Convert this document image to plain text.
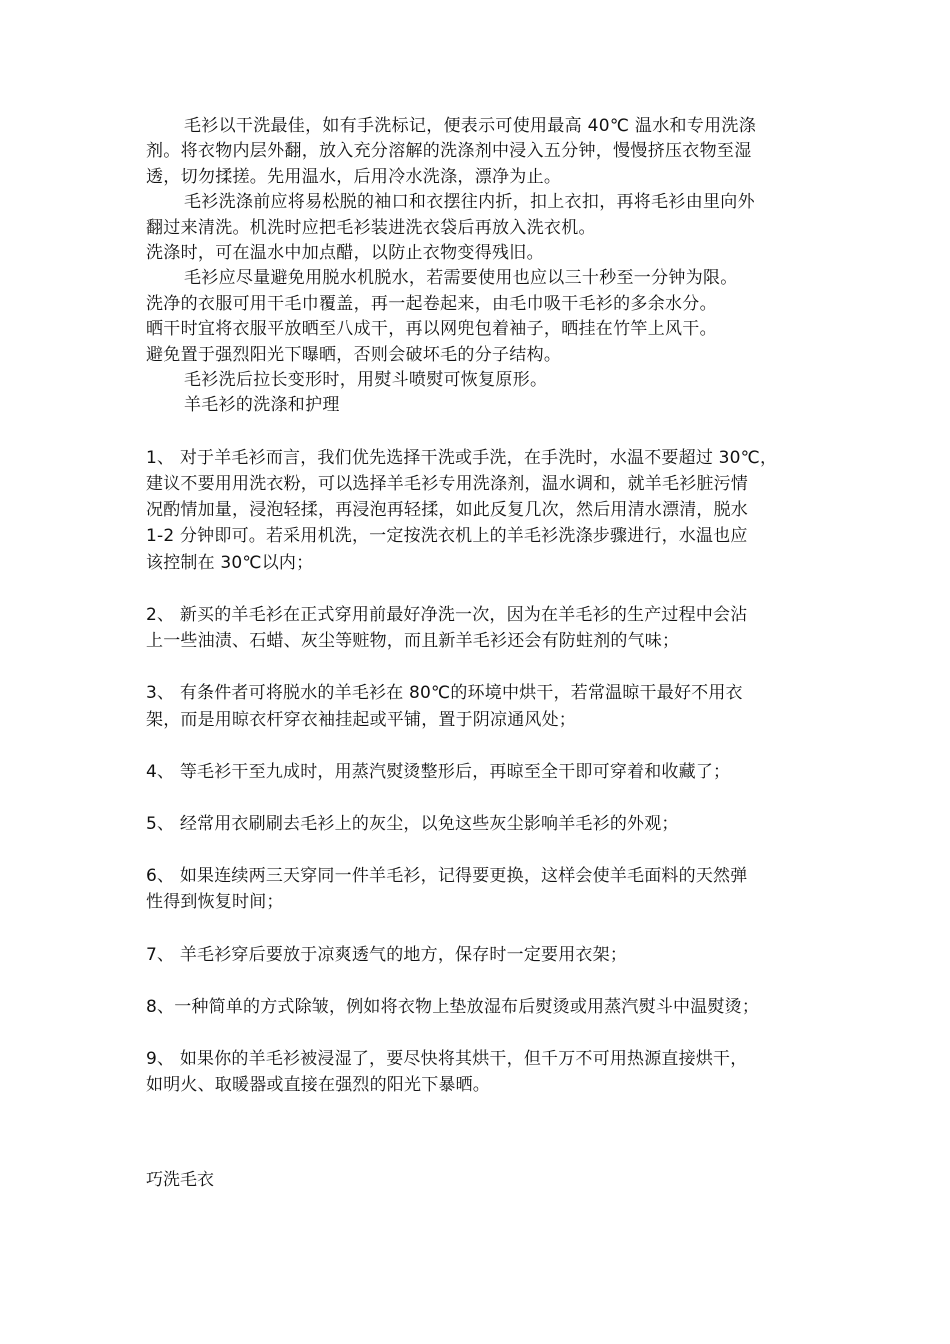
毛衫以干洗最佳，如有手洗标记，便表示可使用最高 40℃ 温水和专用洗涤
剂。将衣物内层外翻，放入充分溶解的洗涤剂中浸入五分钟，慢慢挤压衣物至湿
透，切勿揉搓。先用温水，后用冷水洗涤，漂净为止。
毛衫洗涤前应将易松脱的袖口和衣摆往内折，扣上衣扣，再将毛衫由里向外
翻过来清洗。机洗时应把毛衫装进洗衣袋后再放入洗衣机。
洗涤时，可在温水中加点醋，以防止衣物变得残旧。
毛衫应尽量避免用脱水机脱水，若需要使用也应以三十秒至一分钟为限。
洗净的衣服可用干毛巾覆盖，再一起卷起来，由毛巾吸干毛衫的多余水分。
晒干时宜将衣服平放晒至八成干，再以网兜包着袖子，晒挂在竹竿上风干。
避免置于强烈阳光下曝晒，否则会破坏毛的分子结构。
毛衫洗后拉长变形时，用熨斗喷熨可恢复原形。
羊毛衫的洗涤和护理
1、 对于羊毛衫而言，我们优先选择干洗或手洗，在手洗时，水温不要超过 30℃，
建议不要用用洗衣粉，可以选择羊毛衫专用洗涤剂，温水调和，就羊毛衫脏污情
况酌情加量，浸泡轻揉，再浸泡再轻揉，如此反复几次，然后用清水漂清，脱水
1-2 分钟即可。若采用机洗，一定按洗衣机上的羊毛衫洗涤步骤进行，水温也应
该控制在 30℃以内；
2、 新买的羊毛衫在正式穿用前最好净洗一次，因为在羊毛衫的生产过程中会沾
上一些油渍、石蜡、灰尘等赃物，而且新羊毛衫还会有防蛀剂的气味；
3、 有条件者可将脱水的羊毛衫在 80℃的环境中烘干，若常温晾干最好不用衣
架，而是用晾衣杆穿衣袖挂起或平铺，置于阴凉通风处；
4、 等毛衫干至九成时，用蒸汽熨烫整形后，再晾至全干即可穿着和收藏了；
5、 经常用衣刷刷去毛衫上的灰尘，以免这些灰尘影响羊毛衫的外观；
6、 如果连续两三天穿同一件羊毛衫，记得要更换，这样会使羊毛面料的天然弹
性得到恢复时间；
7、 羊毛衫穿后要放于凉爽透气的地方，保存时一定要用衣架；
8、一种简单的方式除皱，例如将衣物上垫放湿布后熨烫或用蒸汽熨斗中温熨烫；
9、 如果你的羊毛衫被浸湿了，要尽快将其烘干，但千万不可用热源直接烘干，
如明火、取暖器或直接在强烈的阳光下暴晒。
巧洗毛衣
